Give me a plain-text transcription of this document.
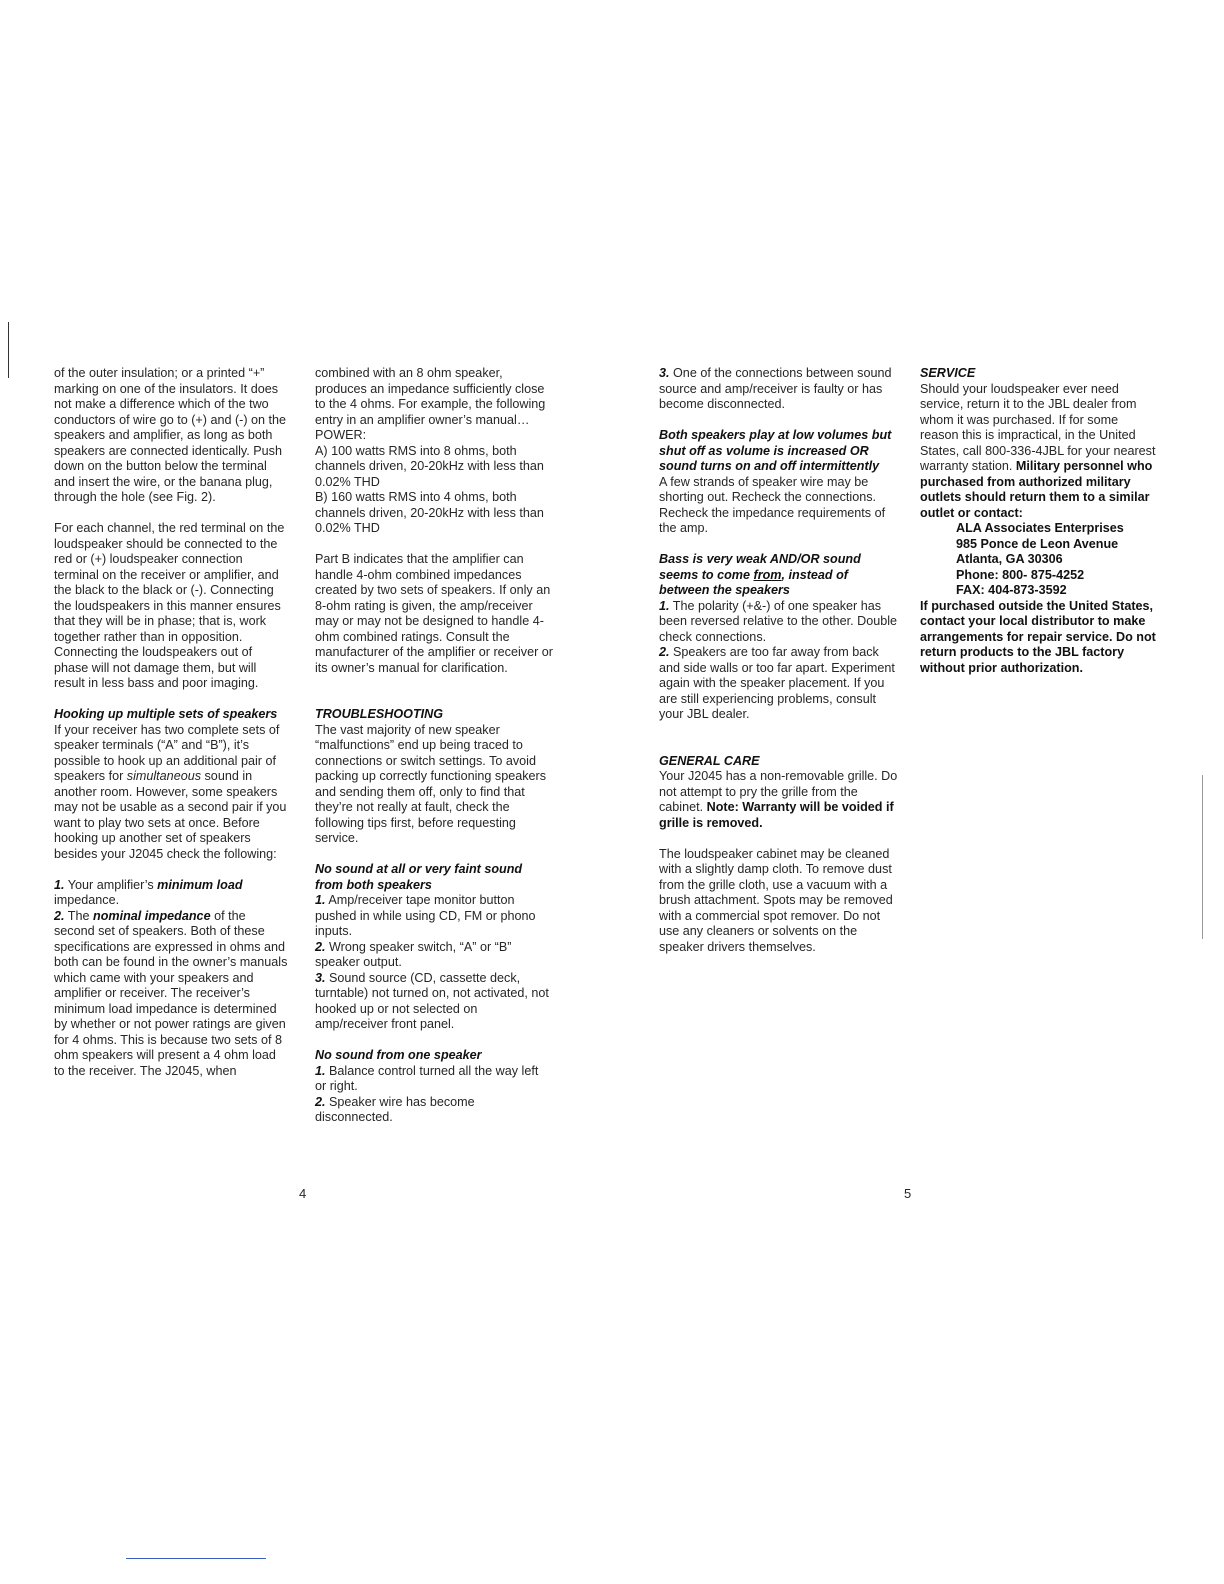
of the outer insulation; or a printed “+” marking on one of the insulators. It does not make a difference which of the two conductors of wire go to (+) and (-) on the speakers and amplifier, as long as both speakers are connected identically. Push down on the button below the terminal and insert the wire, or the banana plug, through the hole (see Fig. 2).

For each channel, the red terminal on the loudspeaker should be connected to the red or (+) loudspeaker connection terminal on the receiver or amplifier, and the black to the black or (-). Connecting the loudspeakers in this manner ensures that they will be in phase; that is, work together rather than in opposition. Connecting the loudspeakers out of phase will not damage them, but will result in less bass and poor imaging.

Hooking up multiple sets of speakers

If your receiver has two complete sets of speaker terminals (“A” and “B”), it’s possible to hook up an additional pair of speakers for simultaneous sound in another room. However, some speakers may not be usable as a second pair if you want to play two sets at once. Before hooking up another set of speakers besides your J2045 check the following:

1. Your amplifier’s minimum load impedance.
2. The nominal impedance of the second set of speakers. Both of these specifications are expressed in ohms and both can be found in the owner’s manuals which came with your speakers and amplifier or receiver. The receiver’s minimum load impedance is determined by whether or not power ratings are given for 4 ohms. This is because two sets of 8 ohm speakers will present a 4 ohm load to the receiver. The J2045, when
combined with an 8 ohm speaker, produces an impedance sufficiently close to the 4 ohms. For example, the following entry in an amplifier owner’s manual…
POWER:
A) 100 watts RMS into 8 ohms, both channels driven, 20-20kHz with less than 0.02% THD

B) 160 watts RMS into 4 ohms, both channels driven, 20-20kHz with less than 0.02% THD

Part B indicates that the amplifier can handle 4-ohm combined impedances created by two sets of speakers. If only an 8-ohm rating is given, the amp/receiver may or may not be designed to handle 4-ohm combined ratings. Consult the manufacturer of the amplifier or receiver or its owner’s manual for clarification.

TROUBLESHOOTING

The vast majority of new speaker “malfunctions” end up being traced to connections or switch settings. To avoid packing up correctly functioning speakers and sending them off, only to find that they’re not really at fault, check the following tips first, before requesting service.

No sound at all or very faint sound from both speakers
1. Amp/receiver tape monitor button pushed in while using CD, FM or phono inputs.
2. Wrong speaker switch, “A” or “B” speaker output.

3. Sound source (CD, cassette deck, turntable) not turned on, not activated, not hooked up or not selected on amp/receiver front panel.

No sound from one speaker
1. Balance control turned all the way left or right.
2. Speaker wire has become disconnected.
4

3. One of the connections between sound source and amp/receiver is faulty or has become disconnected.

Both speakers play at low volumes but shut off as volume is increased OR sound turns on and off intermittently

A few strands of speaker wire may be shorting out. Recheck the connections. Recheck the impedance requirements of the amp.

Bass is very weak AND/OR sound seems to come from, instead of between the speakers
1. The polarity (+&-) of one speaker has been reversed relative to the other. Double check connections.

2. Speakers are too far away from back and side walls or too far apart. Experiment again with the speaker placement. If you are still experiencing problems, consult your JBL dealer.

GENERAL CARE

Your J2045 has a non-removable grille. Do not attempt to pry the grille from the cabinet. Note: Warranty will be voided if grille is removed.

The loudspeaker cabinet may be cleaned with a slightly damp cloth. To remove dust from the grille cloth, use a vacuum with a brush attachment. Spots may be removed with a commercial spot remover. Do not use any cleaners or solvents on the speaker drivers themselves.

SERVICE
Should your loudspeaker ever need service, return it to the JBL dealer from whom it was purchased. If for some reason this is impractical, in the United States, call 800-336-4JBL for your nearest warranty station. Military personnel who purchased from authorized military outlets should return them to a similar outlet or contact:
ALA Associates Enterprises
985 Ponce de Leon Avenue
Atlanta, GA 30306
Phone: 800- 875-4252
FAX: 404-873-3592
If purchased outside the United States, contact your local distributor to make arrangements for repair service. Do not return products to the JBL factory without prior authorization.
5
